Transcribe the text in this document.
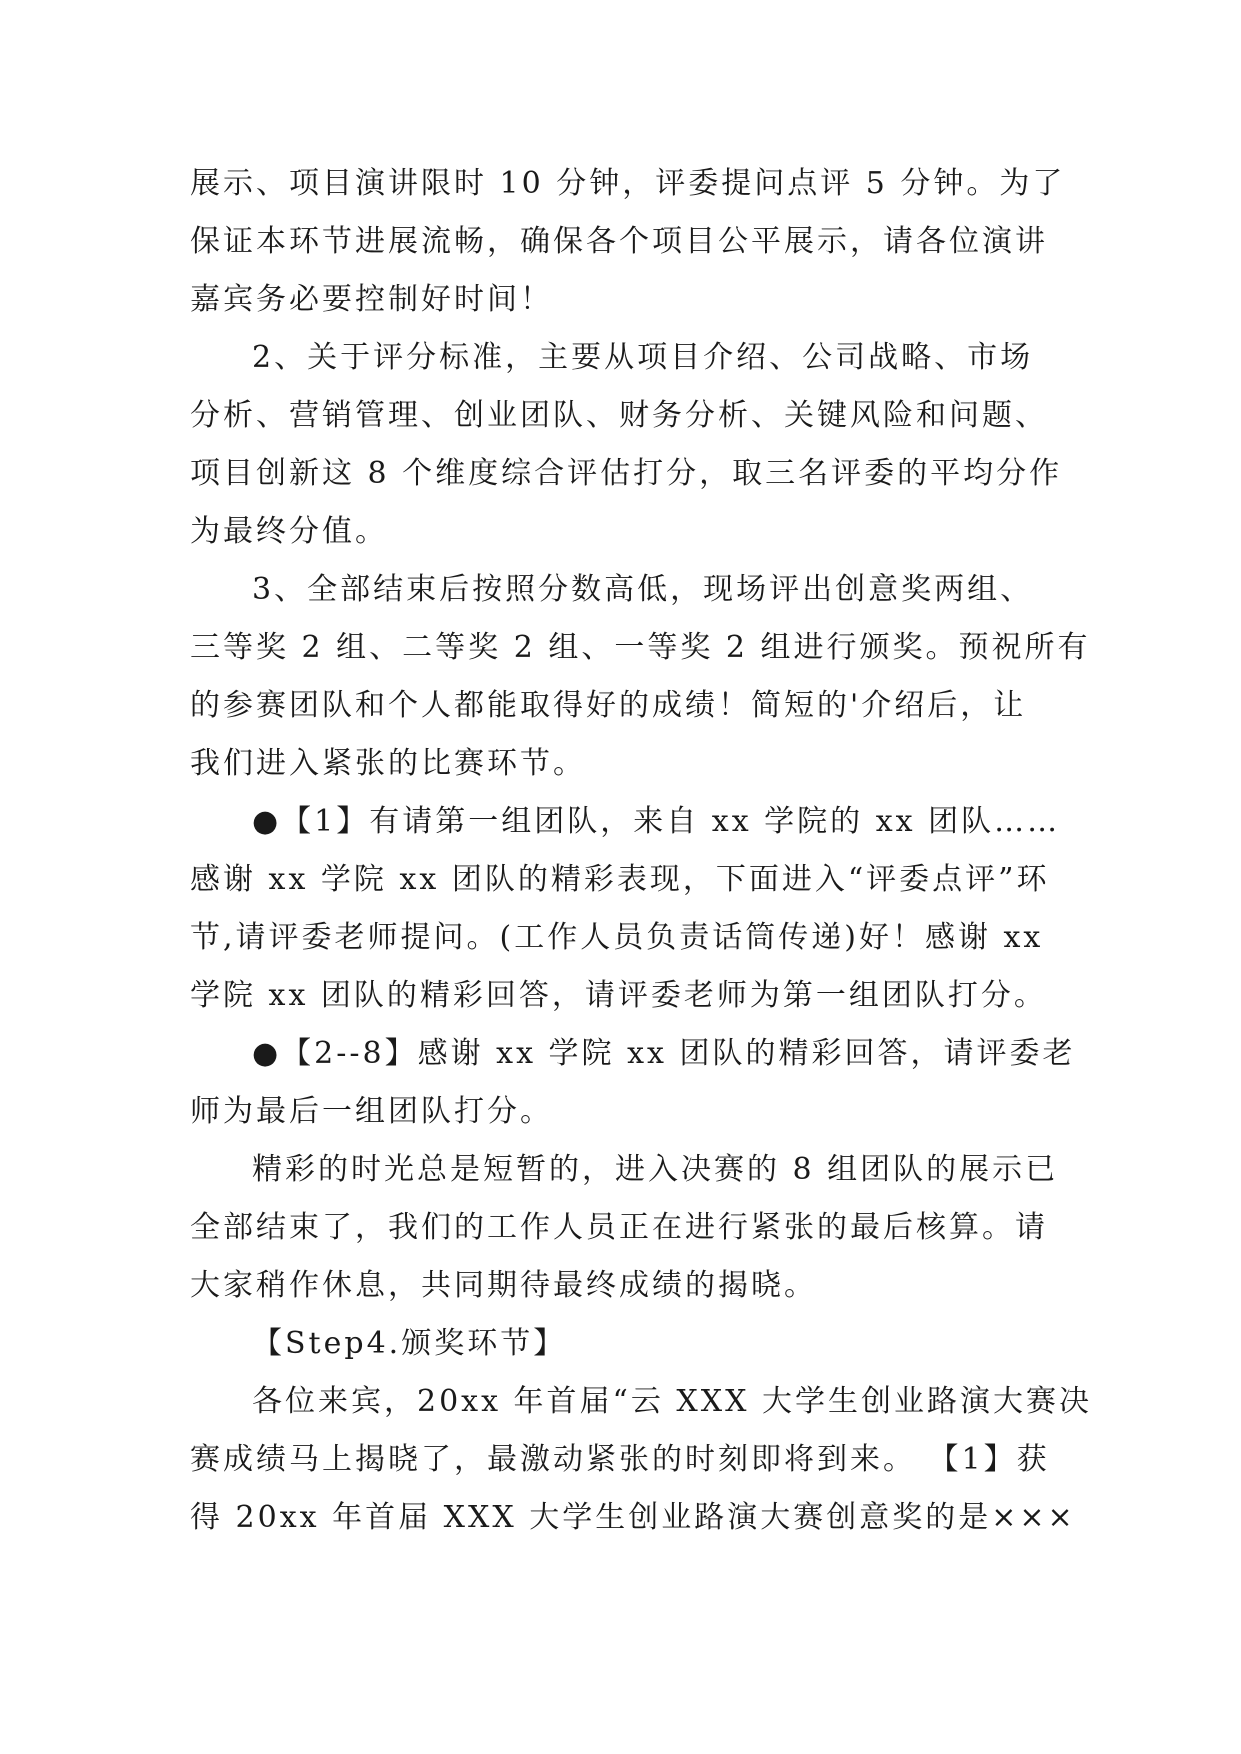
展示、项目演讲限时 10 分钟，评委提问点评 5 分钟。为了
保证本环节进展流畅，确保各个项目公平展示，请各位演讲
嘉宾务必要控制好时间！
2、关于评分标准，主要从项目介绍、公司战略、市场
分析、营销管理、创业团队、财务分析、关键风险和问题、
项目创新这 8 个维度综合评估打分，取三名评委的平均分作
为最终分值。
3、全部结束后按照分数高低，现场评出创意奖两组、
三等奖 2 组、二等奖 2 组、一等奖 2 组进行颁奖。预祝所有
的参赛团队和个人都能取得好的成绩！简短的'介绍后，让
我们进入紧张的比赛环节。
●【1】有请第一组团队，来自 xx 学院的 xx 团队……
感谢 xx 学院 xx 团队的精彩表现，下面进入“评委点评”环
节,请评委老师提问。(工作人员负责话筒传递)好！感谢 xx
学院 xx 团队的精彩回答，请评委老师为第一组团队打分。
●【2--8】感谢 xx 学院 xx 团队的精彩回答，请评委老
师为最后一组团队打分。
精彩的时光总是短暂的，进入决赛的 8 组团队的展示已
全部结束了，我们的工作人员正在进行紧张的最后核算。请
大家稍作休息，共同期待最终成绩的揭晓。
【Step4.颁奖环节】
各位来宾，20xx 年首届“云 XXX 大学生创业路演大赛决
赛成绩马上揭晓了，最激动紧张的时刻即将到来。 【1】获
得 20xx 年首届 XXX 大学生创业路演大赛创意奖的是×××
